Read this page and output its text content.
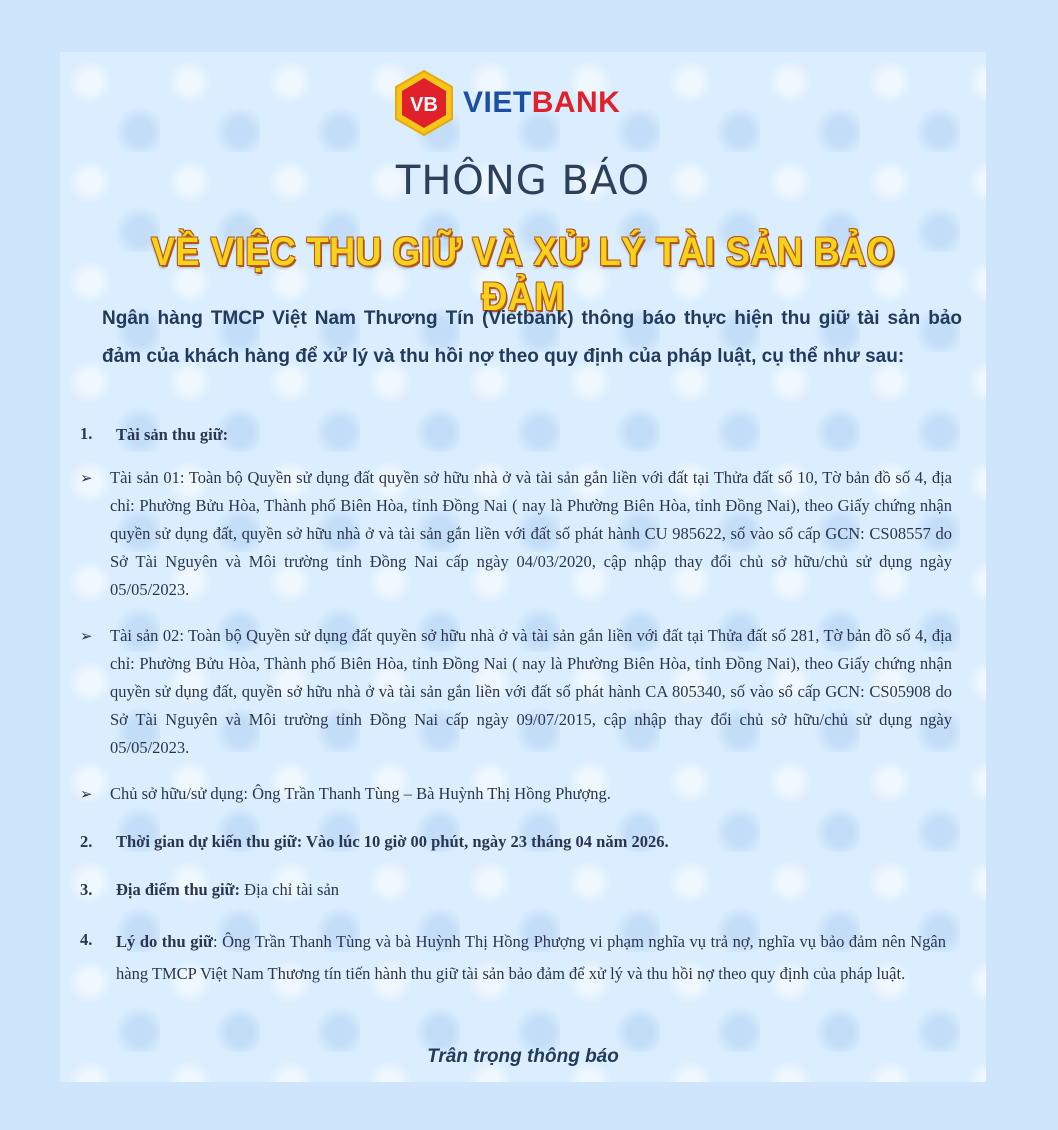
VB VIETBANK
THÔNG BÁO
VỀ VIỆC THU GIỮ VÀ XỬ LÝ TÀI SẢN BẢO ĐẢM
Ngân hàng TMCP Việt Nam Thương Tín (Vietbank) thông báo thực hiện thu giữ tài sản bảo đảm của khách hàng để xử lý và thu hồi nợ theo quy định của pháp luật, cụ thể như sau:
1. Tài sản thu giữ:
➢ Tài sản 01: Toàn bộ Quyền sử dụng đất quyền sở hữu nhà ở và tài sản gắn liền với đất tại Thửa đất số 10, Tờ bản đồ số 4, địa chỉ: Phường Bửu Hòa, Thành phố Biên Hòa, tỉnh Đồng Nai ( nay là Phường Biên Hòa, tỉnh Đồng Nai), theo Giấy chứng nhận quyền sử dụng đất, quyền sở hữu nhà ở và tài sản gắn liền với đất số phát hành CU 985622, số vào sổ cấp GCN: CS08557 do Sở Tài Nguyên và Môi trường tỉnh Đồng Nai cấp ngày 04/03/2020, cập nhập thay đổi chủ sở hữu/chủ sử dụng ngày 05/05/2023.
➢ Tài sản 02: Toàn bộ Quyền sử dụng đất quyền sở hữu nhà ở và tài sản gắn liền với đất tại Thửa đất số 281, Tờ bản đồ số 4, địa chỉ: Phường Bửu Hòa, Thành phố Biên Hòa, tỉnh Đồng Nai ( nay là Phường Biên Hòa, tỉnh Đồng Nai), theo Giấy chứng nhận quyền sử dụng đất, quyền sở hữu nhà ở và tài sản gắn liền với đất số phát hành CA 805340, số vào sổ cấp GCN: CS05908 do Sở Tài Nguyên và Môi trường tỉnh Đồng Nai cấp ngày 09/07/2015, cập nhập thay đổi chủ sở hữu/chủ sử dụng ngày 05/05/2023.
➢ Chủ sở hữu/sử dụng: Ông Trần Thanh Tùng – Bà Huỳnh Thị Hồng Phượng.
2. Thời gian dự kiến thu giữ: Vào lúc 10 giờ 00 phút, ngày 23 tháng 04 năm 2026.
3. Địa điểm thu giữ: Địa chỉ tài sản
4. Lý do thu giữ: Ông Trần Thanh Tùng và bà Huỳnh Thị Hồng Phượng vi phạm nghĩa vụ trả nợ, nghĩa vụ bảo đảm nên Ngân hàng TMCP Việt Nam Thương tín tiến hành thu giữ tài sản bảo đảm để xử lý và thu hồi nợ theo quy định của pháp luật.
Trân trọng thông báo
